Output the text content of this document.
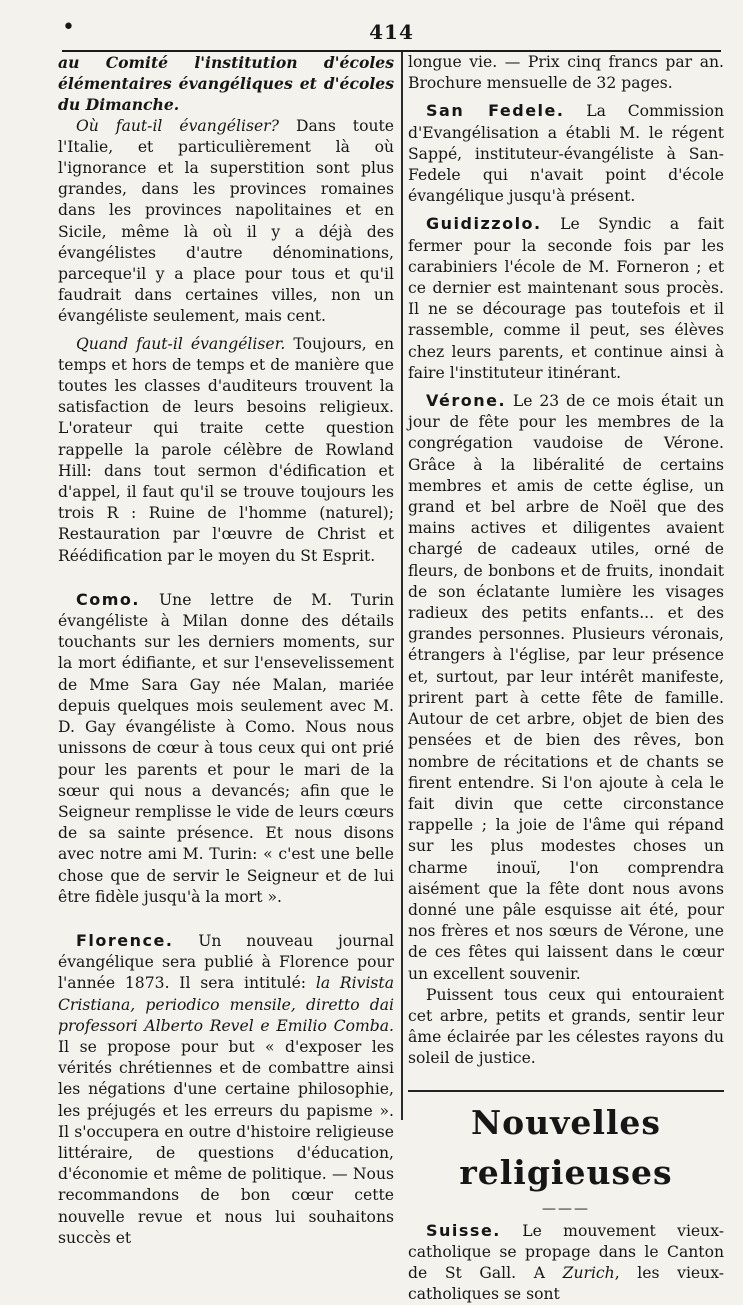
•	414

au Comité l'institution d'écoles élémentaires évangéliques et d'écoles du Dimanche.

Où faut-il évangéliser? Dans toute l'Italie, et particulièrement là où l'ignorance et la superstition sont plus grandes, dans les provinces romaines dans les provinces napolitaines et en Sicile, même là où il y a déjà des évangélistes d'autre dénominations, parceque'il y a place pour tous et qu'il faudrait dans certaines villes, non un évangéliste seulement, mais cent.

Quand faut-il évangéliser. Toujours, en temps et hors de temps et de manière que toutes les classes d'auditeurs trouvent la satisfaction de leurs besoins religieux. L'orateur qui traite cette question rappelle la parole célèbre de Rowland Hill: dans tout sermon d'édification et d'appel, il faut qu'il se trouve toujours les trois R : Ruine de l'homme (naturel); Restauration par l'œuvre de Christ et Réédification par le moyen du St Esprit.

Como. Une lettre de M. Turin évangéliste à Milan donne des détails touchants sur les derniers moments, sur la mort édifiante, et sur l'ensevelissement de Mme Sara Gay née Malan, mariée depuis quelques mois seulement avec M. D. Gay évangéliste à Como. Nous nous unissons de cœur à tous ceux qui ont prié pour les parents et pour le mari de la sœur qui nous a devancés; afin que le Seigneur remplisse le vide de leurs cœurs de sa sainte présence. Et nous disons avec notre ami M. Turin: « c'est une belle chose que de servir le Seigneur et de lui être fidèle jusqu'à la mort ».

Florence. Un nouveau journal évangélique sera publié à Florence pour l'année 1873. Il sera intitulé: la Rivista Cristiana, periodico mensile, diretto dai professori Alberto Revel e Emilio Comba. Il se propose pour but « d'exposer les vérités chrétiennes et de combattre ainsi les négations d'une certaine philosophie, les préjugés et les erreurs du papisme ». Il s'occupera en outre d'histoire religieuse littéraire, de questions d'éducation, d'économie et même de politique. — Nous recommandons de bon cœur cette nouvelle revue et nous lui souhaitons succès et

longue vie. — Prix cinq francs par an. Brochure mensuelle de 32 pages.

San Fedele. La Commission d'Evangélisation a établi M. le régent Sappé, instituteur-évangéliste à San-Fedele qui n'avait point d'école évangélique jusqu'à présent.

Guidizzolo. Le Syndic a fait fermer pour la seconde fois par les carabiniers l'école de M. Forneron ; et ce dernier est maintenant sous procès. Il ne se décourage pas toutefois et il rassemble, comme il peut, ses élèves chez leurs parents, et continue ainsi à faire l'instituteur itinérant.

Vérone. Le 23 de ce mois était un jour de fête pour les membres de la congrégation vaudoise de Vérone. Grâce à la libéralité de certains membres et amis de cette église, un grand et bel arbre de Noël que des mains actives et diligentes avaient chargé de cadeaux utiles, orné de fleurs, de bonbons et de fruits, inondait de son éclatante lumière les visages radieux des petits enfants... et des grandes personnes. Plusieurs véronais, étrangers à l'église, par leur présence et, surtout, par leur intérêt manifeste, prirent part à cette fête de famille. Autour de cet arbre, objet de bien des pensées et de bien des rêves, bon nombre de récitations et de chants se firent entendre. Si l'on ajoute à cela le fait divin que cette circonstance rappelle ; la joie de l'âme qui répand sur les plus modestes choses un charme inouï, l'on comprendra aisément que la fête dont nous avons donné une pâle esquisse ait été, pour nos frères et nos sœurs de Vérone, une de ces fêtes qui laissent dans le cœur un excellent souvenir.

Puissent tous ceux qui entouraient cet arbre, petits et grands, sentir leur âme éclairée par les célestes rayons du soleil de justice.

Nouvelles religieuses
———

Suisse. Le mouvement vieux-catholique se propage dans le Canton de St Gall. A Zurich, les vieux-catholiques se sont
